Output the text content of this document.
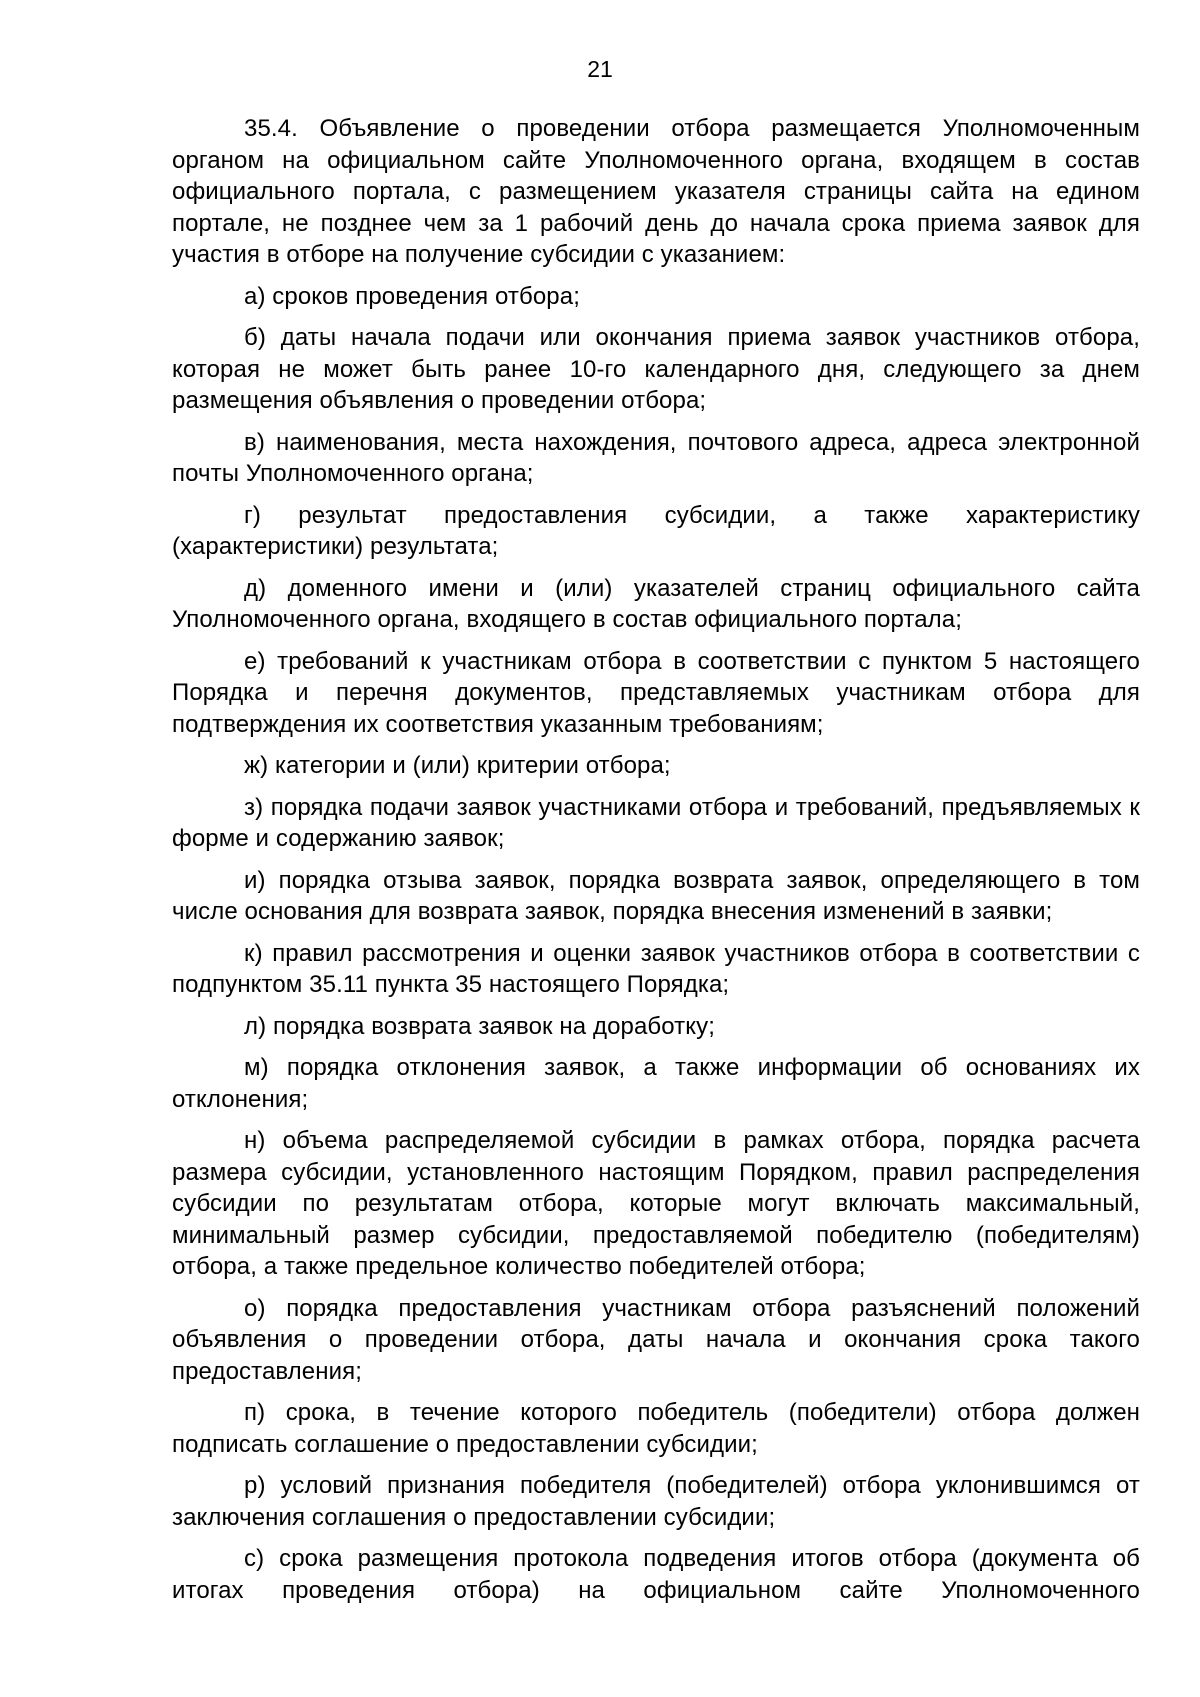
21

35.4. Объявление о проведении отбора размещается Уполномоченным органом на официальном сайте Уполномоченного органа, входящем в состав официального портала, с размещением указателя страницы сайта на едином портале, не позднее чем за 1 рабочий день до начала срока приема заявок для участия в отборе на получение субсидии с указанием:

а) сроков проведения отбора;

б) даты начала подачи или окончания приема заявок участников отбора, которая не может быть ранее 10-го календарного дня, следующего за днем размещения объявления о проведении отбора;

в) наименования, места нахождения, почтового адреса, адреса электронной почты Уполномоченного органа;

г) результат предоставления субсидии, а также характеристику (характеристики) результата;

д) доменного имени и (или) указателей страниц официального сайта Уполномоченного органа, входящего в состав официального портала;

е) требований к участникам отбора в соответствии с пунктом 5 настоящего Порядка и перечня документов, представляемых участникам отбора для подтверждения их соответствия указанным требованиям;

ж) категории и (или) критерии отбора;

з) порядка подачи заявок участниками отбора и требований, предъявляемых к форме и содержанию заявок;

и) порядка отзыва заявок, порядка возврата заявок, определяющего в том числе основания для возврата заявок, порядка внесения изменений в заявки;

к) правил рассмотрения и оценки заявок участников отбора в соответствии с подпунктом 35.11 пункта 35 настоящего Порядка;

л) порядка возврата заявок на доработку;

м) порядка отклонения заявок, а также информации об основаниях их отклонения;

н) объема распределяемой субсидии в рамках отбора, порядка расчета размера субсидии, установленного настоящим Порядком, правил распределения субсидии по результатам отбора, которые могут включать максимальный, минимальный размер субсидии, предоставляемой победителю (победителям) отбора, а также предельное количество победителей отбора;

о) порядка предоставления участникам отбора разъяснений положений объявления о проведении отбора, даты начала и окончания срока такого предоставления;

п) срока, в течение которого победитель (победители) отбора должен подписать соглашение о предоставлении субсидии;

р) условий признания победителя (победителей) отбора уклонившимся от заключения соглашения о предоставлении субсидии;

с) срока размещения протокола подведения итогов отбора (документа об итогах проведения отбора) на официальном сайте Уполномоченного
